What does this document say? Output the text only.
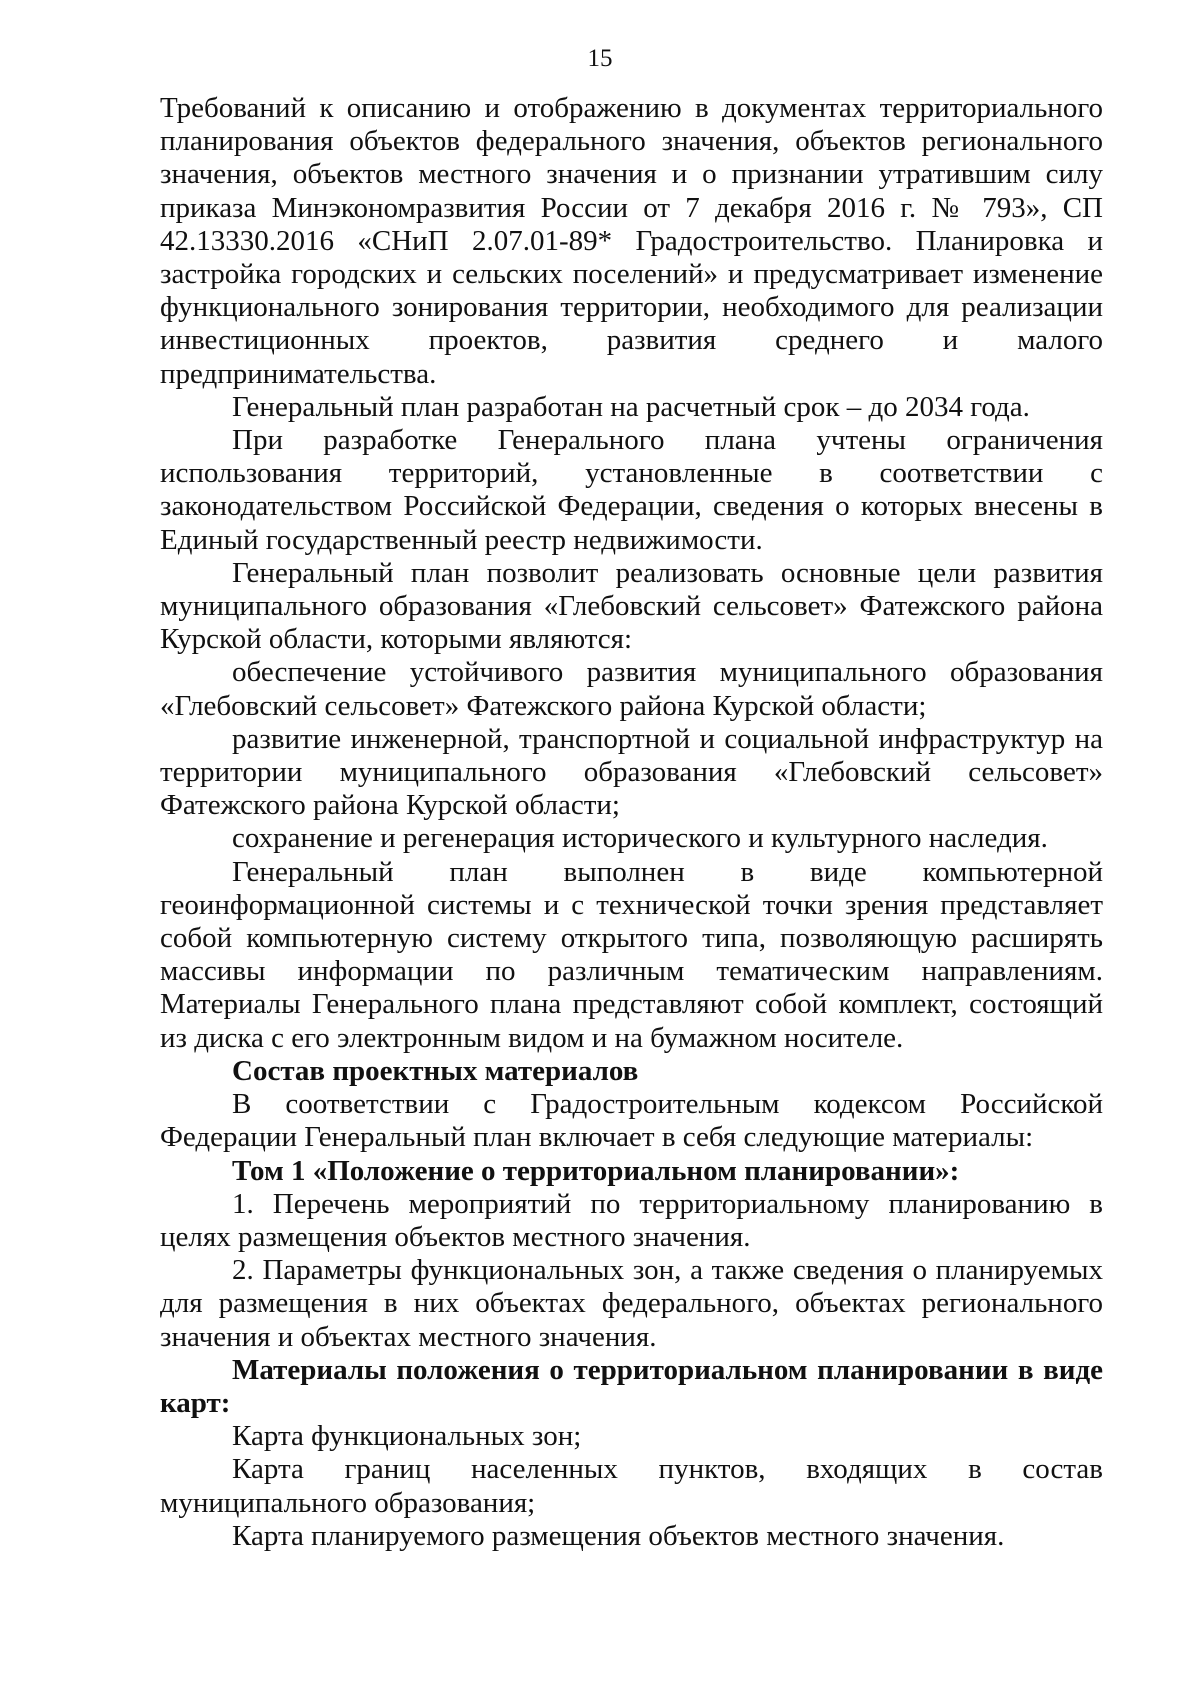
15

Требований к описанию и отображению в документах территориального планирования объектов федерального значения, объектов регионального значения, объектов местного значения и о признании утратившим силу приказа Минэкономразвития России от 7 декабря 2016 г. № 793», СП 42.13330.2016 «СНиП 2.07.01-89* Градостроительство. Планировка и застройка городских и сельских поселений» и предусматривает изменение функционального зонирования территории, необходимого для реализации инвестиционных проектов, развития среднего и малого предпринимательства.

Генеральный план разработан на расчетный срок – до 2034 года.

При разработке Генерального плана учтены ограничения использования территорий, установленные в соответствии с законодательством Российской Федерации, сведения о которых внесены в Единый государственный реестр недвижимости.

Генеральный план позволит реализовать основные цели развития муниципального образования «Глебовский сельсовет» Фатежского района Курской области, которыми являются:

обеспечение устойчивого развития муниципального образования «Глебовский сельсовет» Фатежского района Курской области;

развитие инженерной, транспортной и социальной инфраструктур на территории муниципального образования «Глебовский сельсовет» Фатежского района Курской области;

сохранение и регенерация исторического и культурного наследия.

Генеральный план выполнен в виде компьютерной геоинформационной системы и с технической точки зрения представляет собой компьютерную систему открытого типа, позволяющую расширять массивы информации по различным тематическим направлениям. Материалы Генерального плана представляют собой комплект, состоящий из диска с его электронным видом и на бумажном носителе.

Состав проектных материалов

В соответствии с Градостроительным кодексом Российской Федерации Генеральный план включает в себя следующие материалы:

Том 1 «Положение о территориальном планировании»:

1. Перечень мероприятий по территориальному планированию в целях размещения объектов местного значения.

2. Параметры функциональных зон, а также сведения о планируемых для размещения в них объектах федерального, объектах регионального значения и объектах местного значения.

Материалы положения о территориальном планировании в виде карт:

Карта функциональных зон;

Карта границ населенных пунктов, входящих в состав муниципального образования;

Карта планируемого размещения объектов местного значения.
